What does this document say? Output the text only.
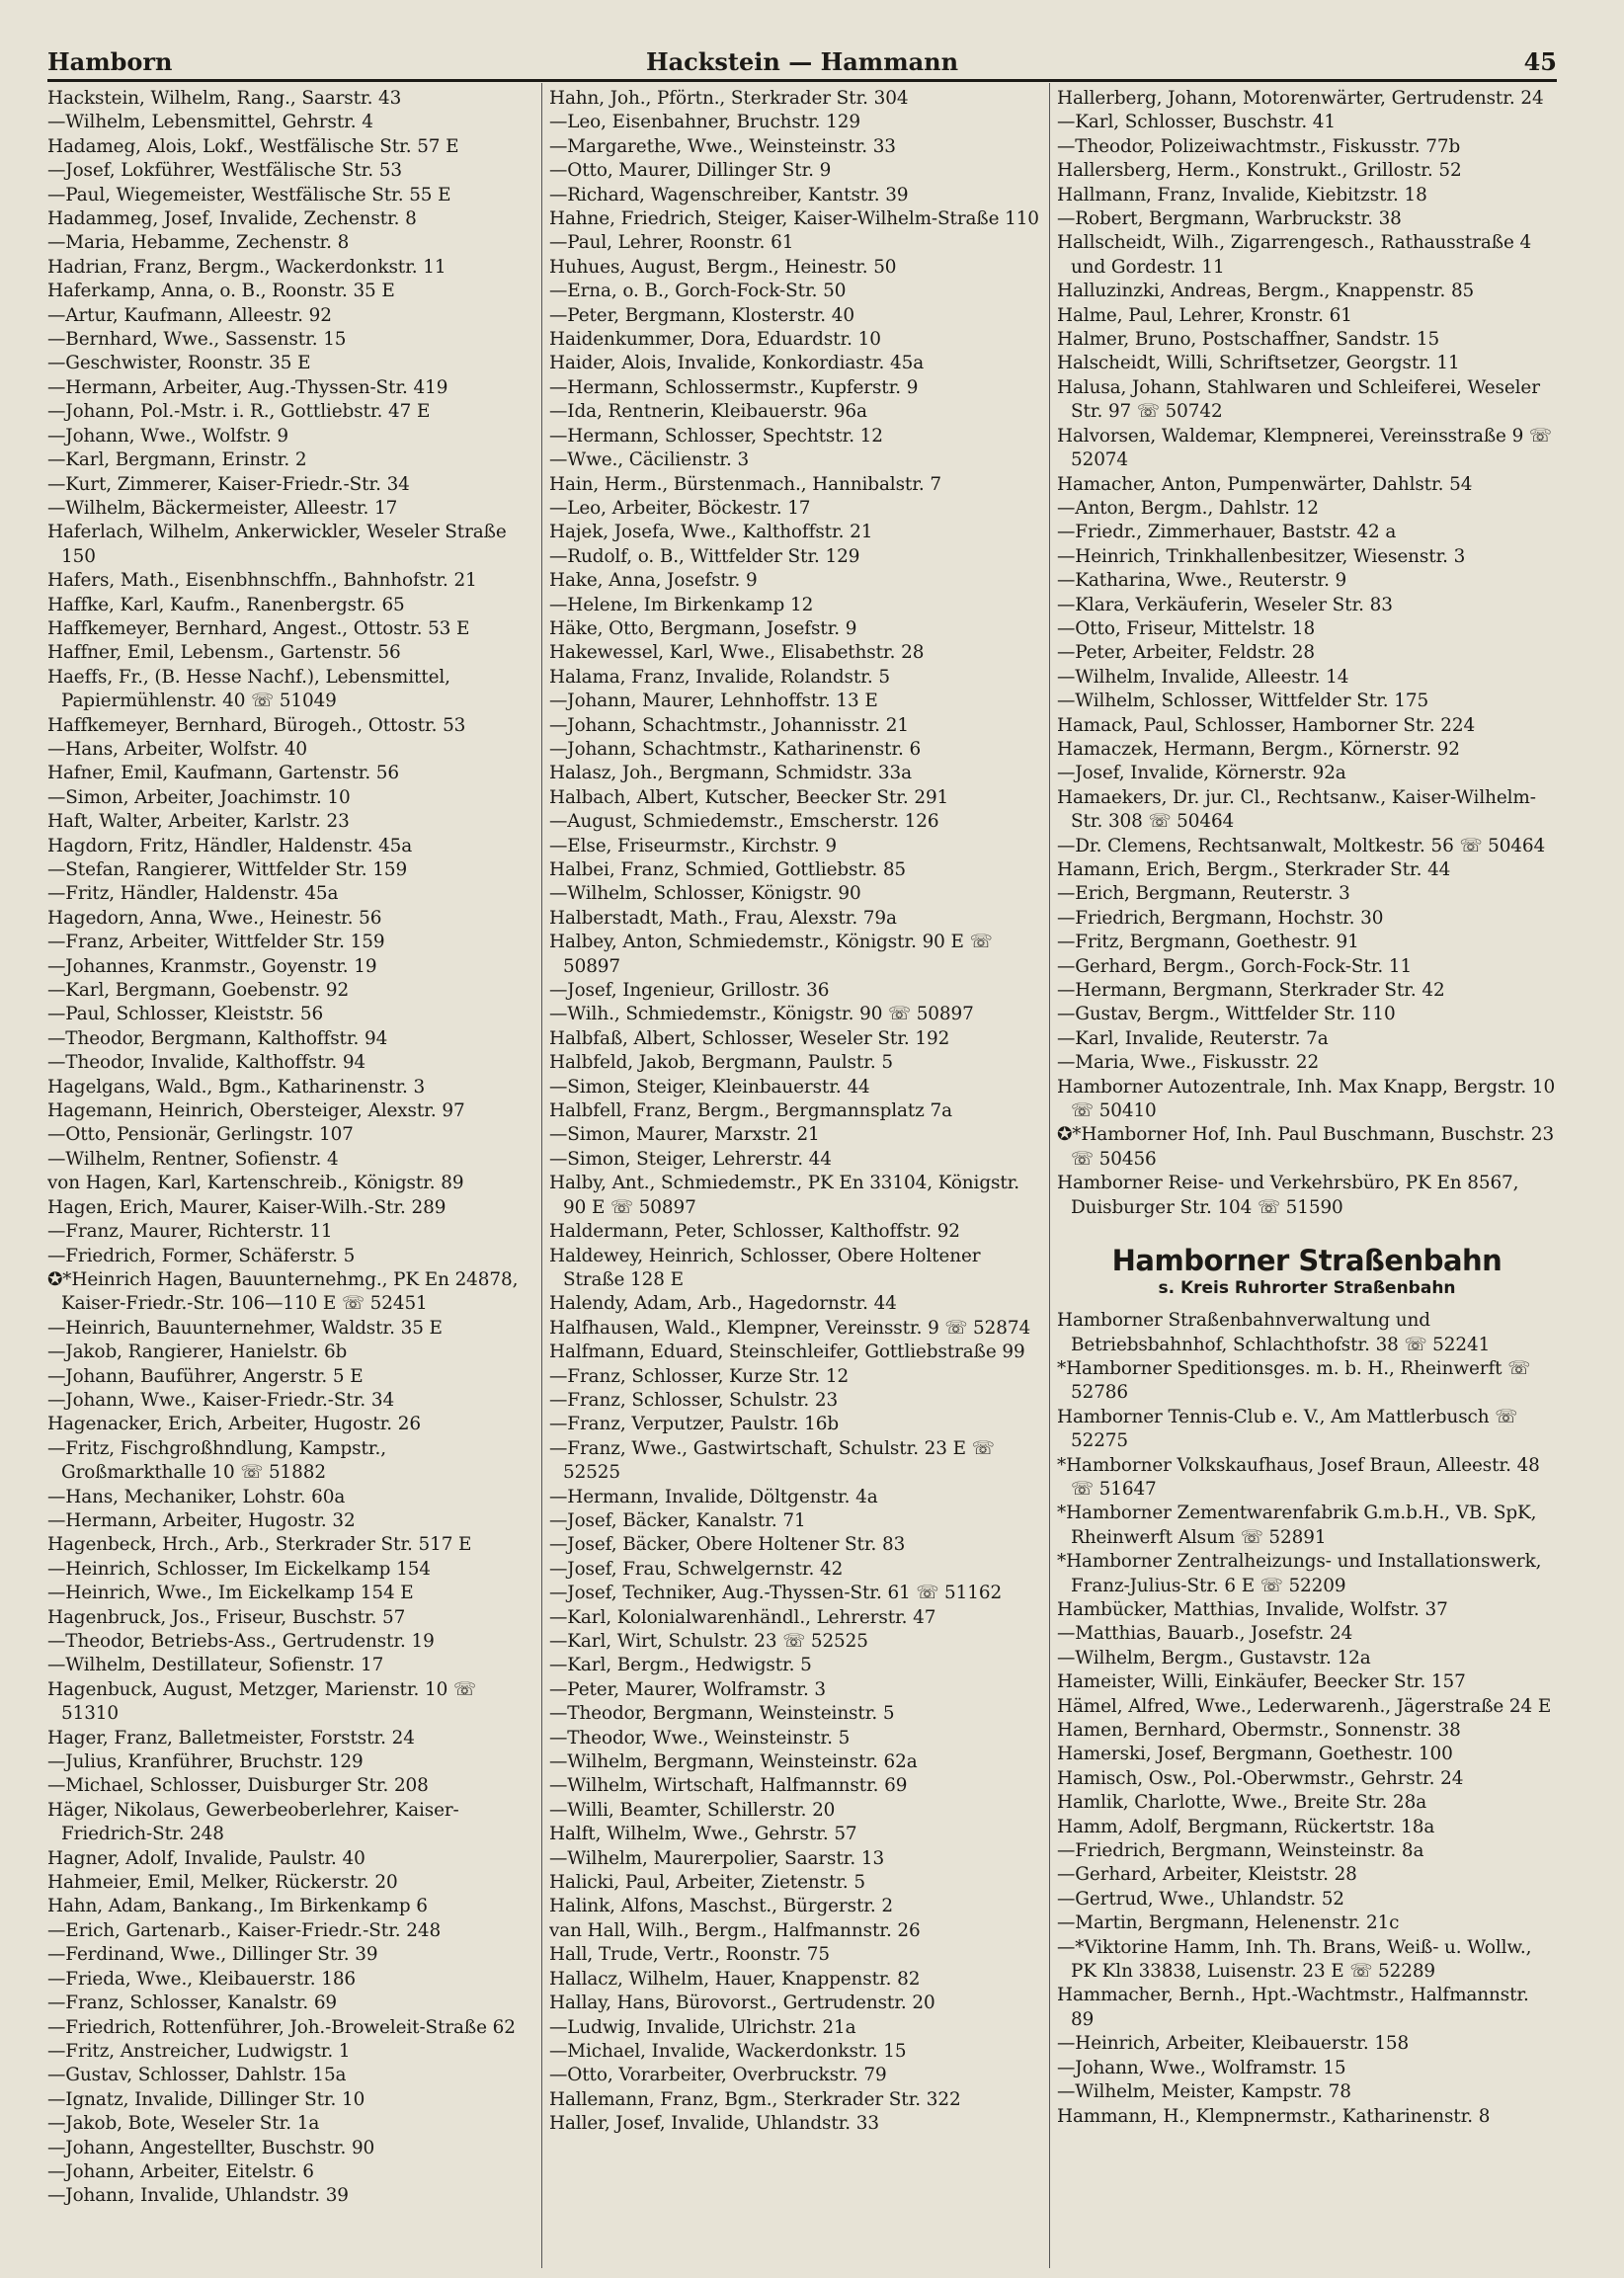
Hackstein — Hammann
Hamborn	45
Hackstein, Wilhelm, Rang., Saarstr. 43
—Wilhelm, Lebensmittel, Gehrstr. 4
Hadameg, Alois, Lokf., Westfälische Str. 57 E
—Josef, Lokführer, Westfälische Str. 53
—Paul, Wiegemeister, Westfälische Str. 55 E
Hadammeg, Josef, Invalide, Zechenstr. 8
—Maria, Hebamme, Zechenstr. 8
Hadrian, Franz, Bergm., Wackerdonkstr. 11
Haferkamp, Anna, o. B., Roonstr. 35 E
—Artur, Kaufmann, Alleestr. 92
—Bernhard, Wwe., Sassenstr. 15
—Geschwister, Roonstr. 35 E
—Hermann, Arbeiter, Aug.-Thyssen-Str. 419
—Johann, Pol.-Mstr. i. R., Gottliebstr. 47 E
—Johann, Wwe., Wolfstr. 9
—Karl, Bergmann, Erinstr. 2
—Kurt, Zimmerer, Kaiser-Friedr.-Str. 34
—Wilhelm, Bäckermeister, Alleestr. 17
Haferlach, Wilhelm, Ankerwickler, Weseler Straße 150
Hafers, Math., Eisenbhnschffn., Bahnhofstr. 21
Haffke, Karl, Kaufm., Ranenbergstr. 65
Haffkemeyer, Bernhard, Angest., Ottostr. 53 E
Haffner, Emil, Lebensm., Gartenstr. 56
Haeffs, Fr., (B. Hesse Nachf.), Lebensmittel, Papiermühlenstr. 40 ☏ 51049
Haffkemeyer, Bernhard, Bürogeh., Ottostr. 53
—Hans, Arbeiter, Wolfstr. 40
Hafner, Emil, Kaufmann, Gartenstr. 56
—Simon, Arbeiter, Joachimstr. 10
Haft, Walter, Arbeiter, Karlstr. 23
Hagdorn, Fritz, Händler, Haldenstr. 45a
—Stefan, Rangierer, Wittfelder Str. 159
—Fritz, Händler, Haldenstr. 45a
Hagedorn, Anna, Wwe., Heinestr. 56
—Franz, Arbeiter, Wittfelder Str. 159
—Johannes, Kranmstr., Goyenstr. 19
—Karl, Bergmann, Goebenstr. 92
—Paul, Schlosser, Kleiststr. 56
—Theodor, Bergmann, Kalthoffstr. 94
—Theodor, Invalide, Kalthoffstr. 94
Hagelgans, Wald., Bgm., Katharinenstr. 3
Hagemann, Heinrich, Obersteiger, Alexstr. 97
—Otto, Pensionär, Gerlingstr. 107
—Wilhelm, Rentner, Sofienstr. 4
von Hagen, Karl, Kartenschreib., Königstr. 89
Hagen, Erich, Maurer, Kaiser-Wilh.-Str. 289
—Franz, Maurer, Richterstr. 11
—Friedrich, Former, Schäferstr. 5
✪*Heinrich Hagen, Bauunternehmg., PK En 24878, Kaiser-Friedr.-Str. 106—110 E ☏ 52451
—Heinrich, Bauunternehmer, Waldstr. 35 E
—Jakob, Rangierer, Hanielstr. 6b
—Johann, Bauführer, Angerstr. 5 E
—Johann, Wwe., Kaiser-Friedr.-Str. 34
Hagenacker, Erich, Arbeiter, Hugostr. 26
—Fritz, Fischgroßhndlung, Kampstr., Großmarkthalle 10 ☏ 51882
—Hans, Mechaniker, Lohstr. 60a
—Hermann, Arbeiter, Hugostr. 32
Hagenbeck, Hrch., Arb., Sterkrader Str. 517 E
—Heinrich, Schlosser, Im Eickelkamp 154
—Heinrich, Wwe., Im Eickelkamp 154 E
Hagenbruck, Jos., Friseur, Buschstr. 57
—Theodor, Betriebs-Ass., Gertrudenstr. 19
—Wilhelm, Destillateur, Sofienstr. 17
Hagenbuck, August, Metzger, Marienstr. 10 ☏ 51310
Hager, Franz, Balletmeister, Forststr. 24
—Julius, Kranführer, Bruchstr. 129
—Michael, Schlosser, Duisburger Str. 208
Häger, Nikolaus, Gewerbeoberlehrer, Kaiser-Friedrich-Str. 248
Hagner, Adolf, Invalide, Paulstr. 40
Hahmeier, Emil, Melker, Rückerstr. 20
Hahn, Adam, Bankang., Im Birkenkamp 6
—Erich, Gartenarb., Kaiser-Friedr.-Str. 248
—Ferdinand, Wwe., Dillinger Str. 39
—Frieda, Wwe., Kleibauerstr. 186
—Franz, Schlosser, Kanalstr. 69
—Friedrich, Rottenführer, Joh.-Broweleit-Straße 62
—Fritz, Anstreicher, Ludwigstr. 1
—Gustav, Schlosser, Dahlstr. 15a
—Ignatz, Invalide, Dillinger Str. 10
—Jakob, Bote, Weseler Str. 1a
—Johann, Angestellter, Buschstr. 90
—Johann, Arbeiter, Eitelstr. 6
—Johann, Invalide, Uhlandstr. 39
Hahn, Joh., Pförtn., Sterkrader Str. 304
—Leo, Eisenbahner, Bruchstr. 129
—Margarethe, Wwe., Weinsteinstr. 33
—Otto, Maurer, Dillinger Str. 9
—Richard, Wagenschreiber, Kantstr. 39
Hahne, Friedrich, Steiger, Kaiser-Wilhelm-Straße 110
—Paul, Lehrer, Roonstr. 61
Huhues, August, Bergm., Heinestr. 50
—Erna, o. B., Gorch-Fock-Str. 50
—Peter, Bergmann, Klosterstr. 40
Haidenkummer, Dora, Eduardstr. 10
Haider, Alois, Invalide, Konkordiastr. 45a
—Hermann, Schlossermstr., Kupferstr. 9
—Ida, Rentnerin, Kleibauerstr. 96a
—Hermann, Schlosser, Spechtstr. 12
—Wwe., Cäcilienstr. 3
Hain, Herm., Bürstenmach., Hannibalstr. 7
—Leo, Arbeiter, Böckestr. 17
Hajek, Josefa, Wwe., Kalthoffstr. 21
—Rudolf, o. B., Wittfelder Str. 129
Hake, Anna, Josefstr. 9
—Helene, Im Birkenkamp 12
Häke, Otto, Bergmann, Josefstr. 9
Hakewessel, Karl, Wwe., Elisabethstr. 28
Halama, Franz, Invalide, Rolandstr. 5
—Johann, Maurer, Lehnhoffstr. 13 E
—Johann, Schachtmstr., Johannisstr. 21
—Johann, Schachtmstr., Katharinenstr. 6
Halasz, Joh., Bergmann, Schmidstr. 33a
Halbach, Albert, Kutscher, Beecker Str. 291
—August, Schmiedemstr., Emscherstr. 126
—Else, Friseurmstr., Kirchstr. 9
Halbei, Franz, Schmied, Gottliebstr. 85
—Wilhelm, Schlosser, Königstr. 90
Halberstadt, Math., Frau, Alexstr. 79a
Halbey, Anton, Schmiedemstr., Königstr. 90 E ☏ 50897
—Josef, Ingenieur, Grillostr. 36
—Wilh., Schmiedemstr., Königstr. 90 ☏ 50897
Halbfaß, Albert, Schlosser, Weseler Str. 192
Halbfeld, Jakob, Bergmann, Paulstr. 5
—Simon, Steiger, Kleinbauerstr. 44
Halbfell, Franz, Bergm., Bergmannsplatz 7a
—Simon, Maurer, Marxstr. 21
—Simon, Steiger, Lehrerstr. 44
Halby, Ant., Schmiedemstr., PK En 33104, Königstr. 90 E ☏ 50897
Haldermann, Peter, Schlosser, Kalthoffstr. 92
Haldewey, Heinrich, Schlosser, Obere Holtener Straße 128 E
Halendy, Adam, Arb., Hagedornstr. 44
Halfhausen, Wald., Klempner, Vereinsstr. 9 ☏ 52874
Halfmann, Eduard, Steinschleifer, Gottliebstraße 99
—Franz, Schlosser, Kurze Str. 12
—Franz, Schlosser, Schulstr. 23
—Franz, Verputzer, Paulstr. 16b
—Franz, Wwe., Gastwirtschaft, Schulstr. 23 E ☏ 52525
—Hermann, Invalide, Döltgenstr. 4a
—Josef, Bäcker, Kanalstr. 71
—Josef, Bäcker, Obere Holtener Str. 83
—Josef, Frau, Schwelgernstr. 42
—Josef, Techniker, Aug.-Thyssen-Str. 61 ☏ 51162
—Karl, Kolonialwarenhändl., Lehrerstr. 47
—Karl, Wirt, Schulstr. 23 ☏ 52525
—Karl, Bergm., Hedwigstr. 5
—Peter, Maurer, Wolframstr. 3
—Theodor, Bergmann, Weinsteinstr. 5
—Theodor, Wwe., Weinsteinstr. 5
—Wilhelm, Bergmann, Weinsteinstr. 62a
—Wilhelm, Wirtschaft, Halfmannstr. 69
—Willi, Beamter, Schillerstr. 20
Halft, Wilhelm, Wwe., Gehrstr. 57
—Wilhelm, Maurerpolier, Saarstr. 13
Halicki, Paul, Arbeiter, Zietenstr. 5
Halink, Alfons, Maschst., Bürgerstr. 2
van Hall, Wilh., Bergm., Halfmannstr. 26
Hall, Trude, Vertr., Roonstr. 75
Hallacz, Wilhelm, Hauer, Knappenstr. 82
Hallay, Hans, Bürovorst., Gertrudenstr. 20
—Ludwig, Invalide, Ulrichstr. 21a
—Michael, Invalide, Wackerdonkstr. 15
—Otto, Vorarbeiter, Overbruckstr. 79
Hallemann, Franz, Bgm., Sterkrader Str. 322
Haller, Josef, Invalide, Uhlandstr. 33
Hallerberg, Johann, Motorenwärter, Gertrudenstr. 24
—Karl, Schlosser, Buschstr. 41
—Theodor, Polizeiwachtmstr., Fiskusstr. 77b
Hallersberg, Herm., Konstrukt., Grillostr. 52
Hallmann, Franz, Invalide, Kiebitzstr. 18
—Robert, Bergmann, Warbruckstr. 38
Hallscheidt, Wilh., Zigarrengesch., Rathausstraße 4 und Gordestr. 11
Halluzinzki, Andreas, Bergm., Knappenstr. 85
Halme, Paul, Lehrer, Kronstr. 61
Halmer, Bruno, Postschaffner, Sandstr. 15
Halscheidt, Willi, Schriftsetzer, Georgstr. 11
Halusa, Johann, Stahlwaren und Schleiferei, Weseler Str. 97 ☏ 50742
Halvorsen, Waldemar, Klempnerei, Vereinsstraße 9 ☏ 52074
Hamacher, Anton, Pumpenwärter, Dahlstr. 54
—Anton, Bergm., Dahlstr. 12
—Friedr., Zimmerhauer, Baststr. 42 a
—Heinrich, Trinkhallenbesitzer, Wiesenstr. 3
—Katharina, Wwe., Reuterstr. 9
—Klara, Verkäuferin, Weseler Str. 83
—Otto, Friseur, Mittelstr. 18
—Peter, Arbeiter, Feldstr. 28
—Wilhelm, Invalide, Alleestr. 14
—Wilhelm, Schlosser, Wittfelder Str. 175
Hamack, Paul, Schlosser, Hamborner Str. 224
Hamaczek, Hermann, Bergm., Körnerstr. 92
—Josef, Invalide, Körnerstr. 92a
Hamaekers, Dr. jur. Cl., Rechtsanw., Kaiser-Wilhelm-Str. 308 ☏ 50464
—Dr. Clemens, Rechtsanwalt, Moltkestr. 56 ☏ 50464
Hamann, Erich, Bergm., Sterkrader Str. 44
—Erich, Bergmann, Reuterstr. 3
—Friedrich, Bergmann, Hochstr. 30
—Fritz, Bergmann, Goethestr. 91
—Gerhard, Bergm., Gorch-Fock-Str. 11
—Hermann, Bergmann, Sterkrader Str. 42
—Gustav, Bergm., Wittfelder Str. 110
—Karl, Invalide, Reuterstr. 7a
—Maria, Wwe., Fiskusstr. 22
Hamborner Autozentrale, Inh. Max Knapp, Bergstr. 10 ☏ 50410
✪*Hamborner Hof, Inh. Paul Buschmann, Buschstr. 23 ☏ 50456
Hamborner Reise- und Verkehrsbüro, PK En 8567, Duisburger Str. 104 ☏ 51590
Hamborner Straßenbahn
s. Kreis Ruhrorter Straßenbahn
Hamborner Straßenbahnverwaltung und Betriebsbahnhof, Schlachthofstr. 38 ☏ 52241
*Hamborner Speditionsges. m. b. H., Rheinwerft ☏ 52786
Hamborner Tennis-Club e. V., Am Mattlerbusch ☏ 52275
*Hamborner Volkskaufhaus, Josef Braun, Alleestr. 48 ☏ 51647
*Hamborner Zementwarenfabrik G.m.b.H., VB. SpK, Rheinwerft Alsum ☏ 52891
*Hamborner Zentralheizungs- und Installationswerk, Franz-Julius-Str. 6 E ☏ 52209
Hambücker, Matthias, Invalide, Wolfstr. 37
—Matthias, Bauarb., Josefstr. 24
—Wilhelm, Bergm., Gustavstr. 12a
Hameister, Willi, Einkäufer, Beecker Str. 157
Hämel, Alfred, Wwe., Lederwarenh., Jägerstraße 24 E
Hamen, Bernhard, Obermstr., Sonnenstr. 38
Hamerski, Josef, Bergmann, Goethestr. 100
Hamisch, Osw., Pol.-Oberwmstr., Gehrstr. 24
Hamlik, Charlotte, Wwe., Breite Str. 28a
Hamm, Adolf, Bergmann, Rückertstr. 18a
—Friedrich, Bergmann, Weinsteinstr. 8a
—Gerhard, Arbeiter, Kleiststr. 28
—Gertrud, Wwe., Uhlandstr. 52
—Martin, Bergmann, Helenenstr. 21c
—*Viktorine Hamm, Inh. Th. Brans, Weiß- u. Wollw., PK Kln 33838, Luisenstr. 23 E ☏ 52289
Hammacher, Bernh., Hpt.-Wachtmstr., Halfmannstr. 89
—Heinrich, Arbeiter, Kleibauerstr. 158
—Johann, Wwe., Wolframstr. 15
—Wilhelm, Meister, Kampstr. 78
Hammann, H., Klempnermstr., Katharinenstr. 8
